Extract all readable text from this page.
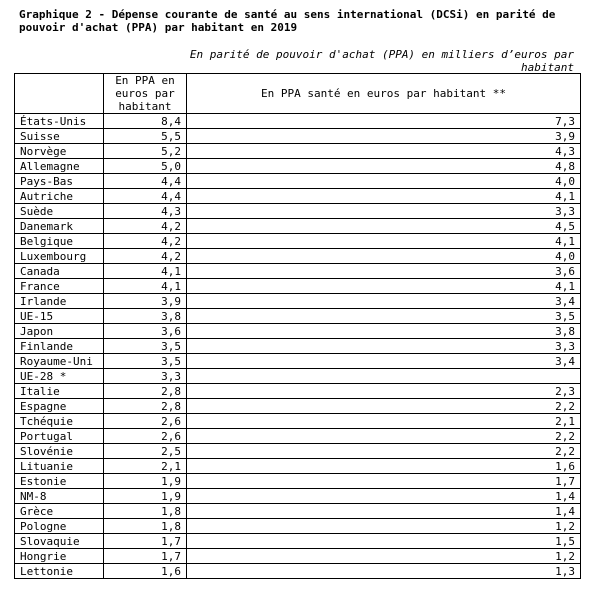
Graphique 2 - Dépense courante de santé au sens international (DCSi) en parité de pouvoir d'achat (PPA) par habitant en 2019

En parité de pouvoir d'achat (PPA) en milliers d’euros par habitant

	En PPA en euros par habitant	En PPA santé en euros par habitant **
États-Unis	8,4	7,3
Suisse	5,5	3,9
Norvège	5,2	4,3
Allemagne	5,0	4,8
Pays-Bas	4,4	4,0
Autriche	4,4	4,1
Suède	4,3	3,3
Danemark	4,2	4,5
Belgique	4,2	4,1
Luxembourg	4,2	4,0
Canada	4,1	3,6
France	4,1	4,1
Irlande	3,9	3,4
UE-15	3,8	3,5
Japon	3,6	3,8
Finlande	3,5	3,3
Royaume-Uni	3,5	3,4
UE-28 *	3,3	
Italie	2,8	2,3
Espagne	2,8	2,2
Tchéquie	2,6	2,1
Portugal	2,6	2,2
Slovénie	2,5	2,2
Lituanie	2,1	1,6
Estonie	1,9	1,7
NM-8	1,9	1,4
Grèce	1,8	1,4
Pologne	1,8	1,2
Slovaquie	1,7	1,5
Hongrie	1,7	1,2
Lettonie	1,6	1,3
